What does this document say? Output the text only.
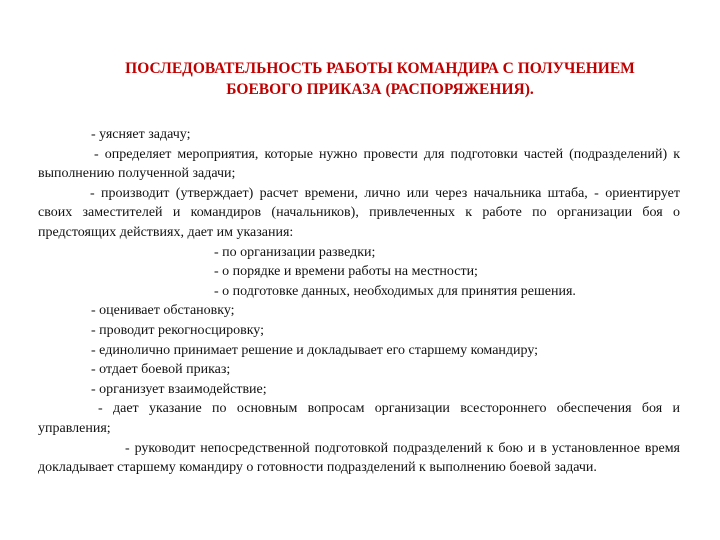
ПОСЛЕДОВАТЕЛЬНОСТЬ РАБОТЫ КОМАНДИРА С ПОЛУЧЕНИЕМ
БОЕВОГО ПРИКАЗА (РАСПОРЯЖЕНИЯ).

- уясняет задачу;

- определяет мероприятия, которые нужно провести для подготовки частей (подразделений) к выполнению полученной задачи;

- производит (утверждает) расчет времени, лично или через начальника штаба, - ориентирует своих заместителей и командиров (начальников), привлеченных к работе по организации боя о предстоящих действиях, дает им указания:

- по организации разведки;

- о порядке и времени работы на местности;

- о подготовке данных, необходимых для принятия решения.

- оценивает обстановку;

- проводит рекогносцировку;

- единолично принимает решение и докладывает его старшему командиру;

- отдает боевой приказ;

- организует взаимодействие;

- дает указание по основным вопросам организации всестороннего обеспечения боя и управления;

- руководит непосредственной подготовкой подразделений к бою и в установленное время докладывает старшему командиру о готовности подразделений к выполнению боевой задачи.
